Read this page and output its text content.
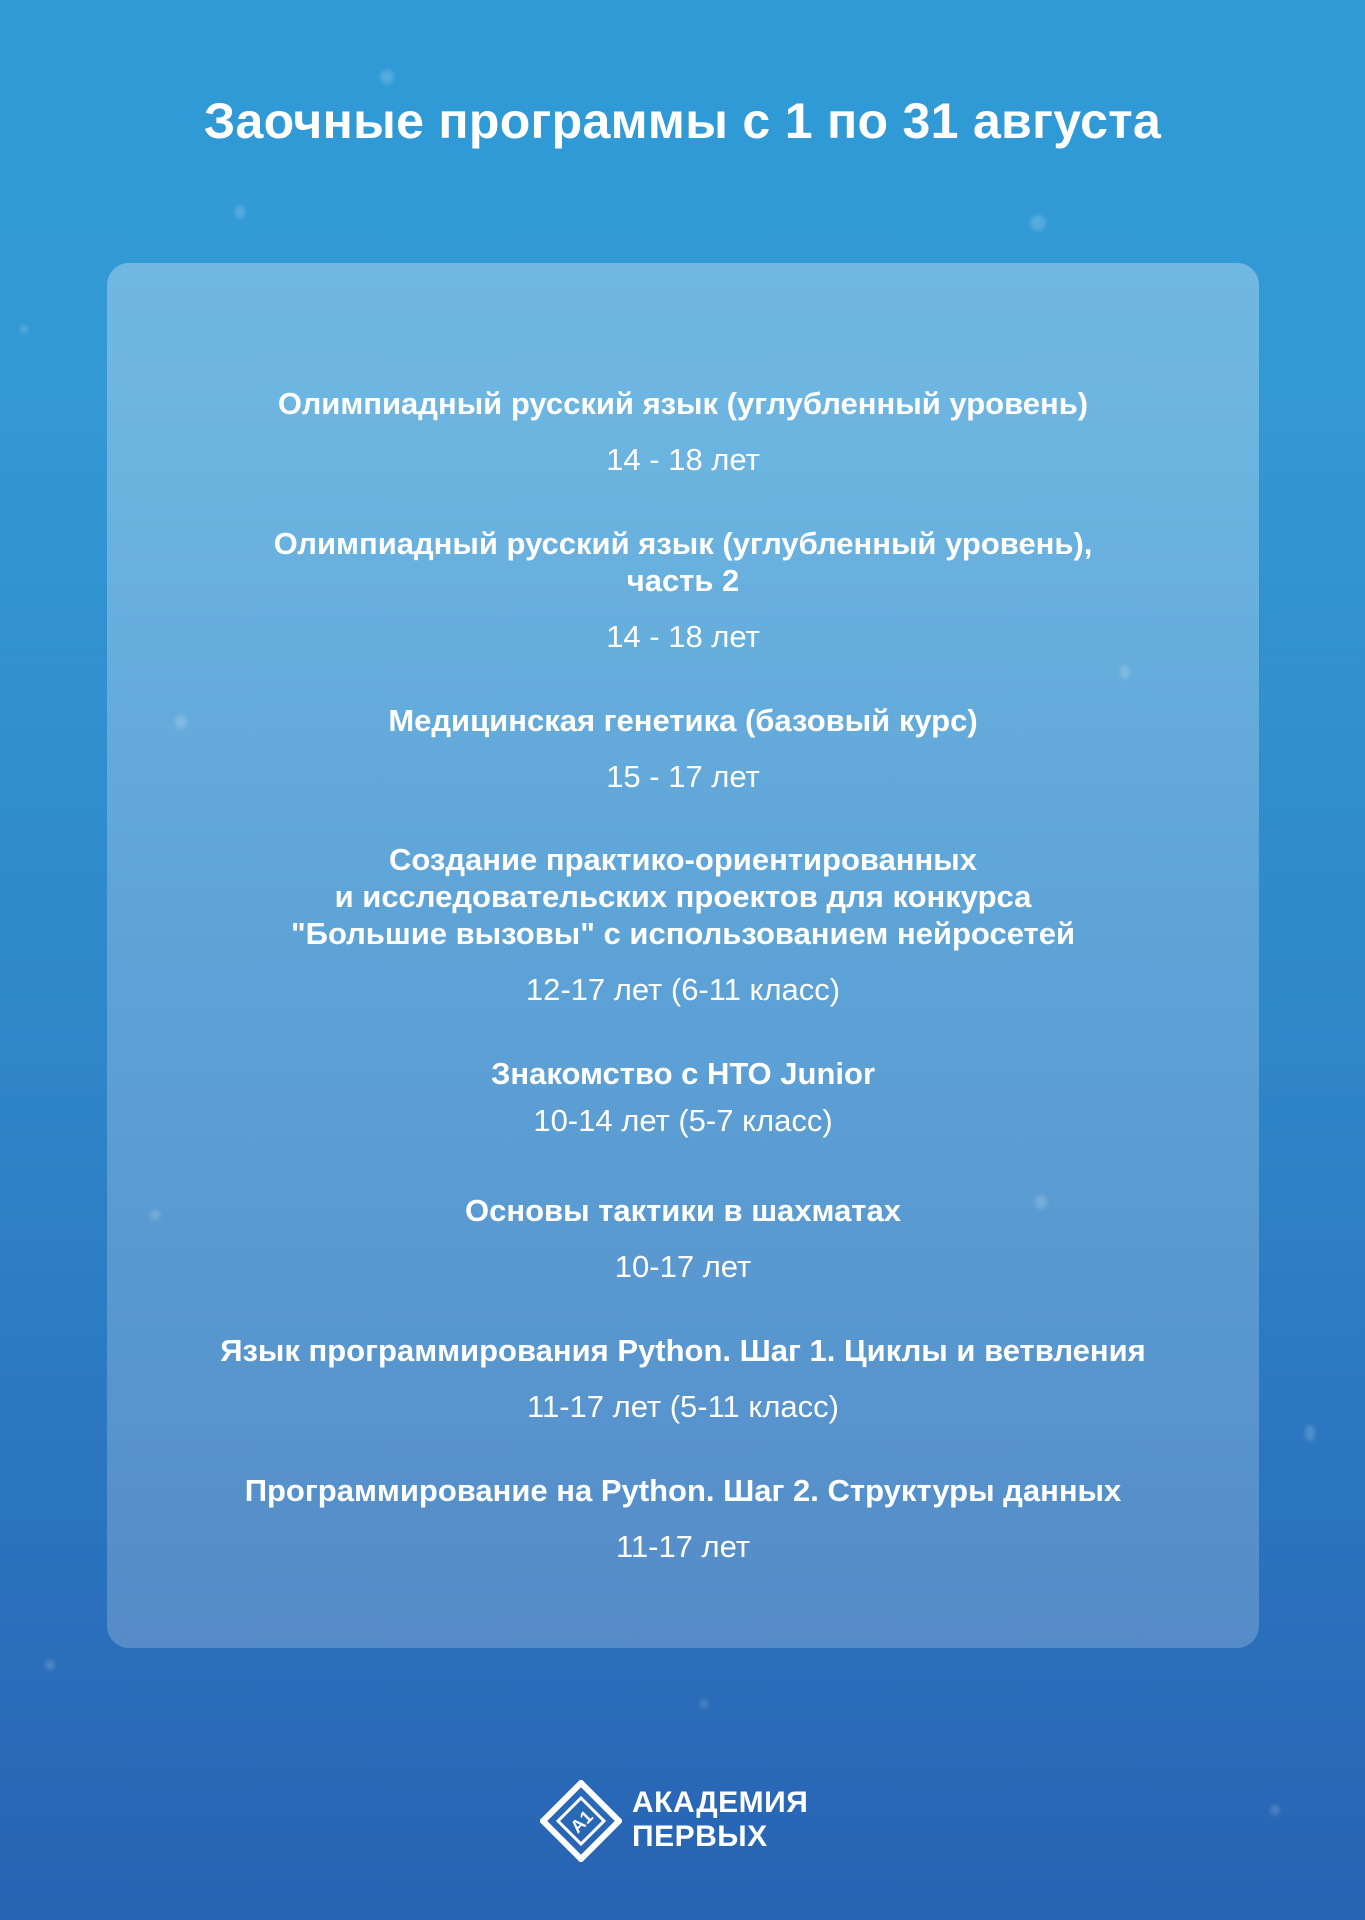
Заочные программы с 1 по 31 августа
Олимпиадный русский язык (углубленный уровень)
14 - 18 лет
Олимпиадный русский язык (углубленный уровень),
часть 2
14 - 18 лет
Медицинская генетика (базовый курс)
15 - 17 лет
Создание практико-ориентированных
и исследовательских проектов для конкурса
"Большие вызовы" с использованием нейросетей
12-17 лет (6-11 класс)
Знакомство с НТО Junior
10-14 лет (5-7 класс)
Основы тактики в шахматах
10-17 лет
Язык программирования Python. Шаг 1. Циклы и ветвления
11-17 лет (5-11 класс)
Программирование на Python. Шаг 2. Структуры данных
11-17 лет
A1
АКАДЕМИЯ
ПЕРВЫХ
